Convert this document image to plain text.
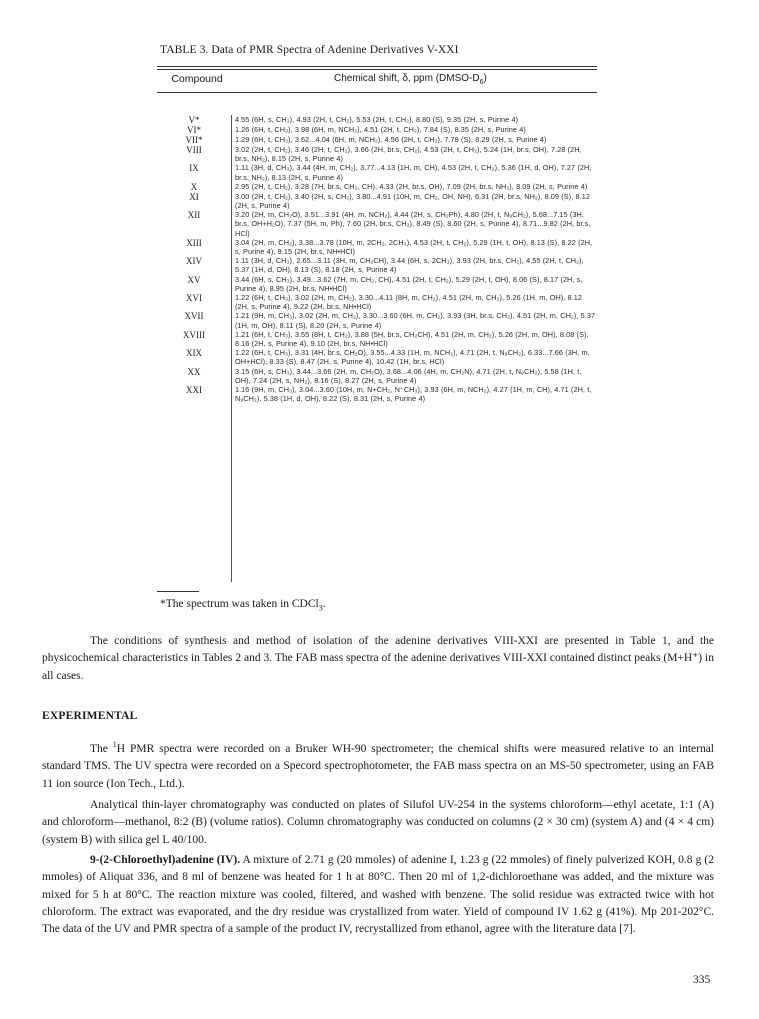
TABLE 3. Data of PMR Spectra of Adenine Derivatives V-XXI
Compound	Chemical shift, δ, ppm $(DMSO-D_6)$
V*	4.55 (6H, s, CH₃), 4.93 (2H, t, CH₂), 5.53 (2H, t, CH₂), 8.80 (S), 9.35 (2H, s, Purine 4)
VI*	1.26 (6H, t, CH₃), 3.98 (6H, m, NCH₂), 4.51 (2H, t, CH₂), 7.84 (S), 8.35 (2H, s, Purine 4)
VII*	1.29 (6H, t, CH₃), 3.62...4.04 (6H, m, NCH₂), 4.56 (2H, t, CH₂), 7.78 (S), 8.29 (2H, s, Purine 4)
VIII	3.02 (2H, t, CH₂), 3.46 (2H, t, CH₂), 3.66 (2H, br.s, CH₂), 4.53 (2H, t, CH₂), 5.24 (1H, br.s, OH), 7.28 (2H, br.s, NH₂), 8.15 (2H, s, Purine 4)
IX	1.11 (3H, d, CH₃), 3.44 (4H, m, CH₂), 3.77...4.13 (1H, m, CH), 4.53 (2H, t, CH₂), 5.36 (1H, d, OH), 7.27 (2H, br.s, NH₂), 8.13 (2H, s, Purine 4)
X	2.95 (2H, t, CH₂), 3.28 (7H, br.s, CH₂, CH), 4.33 (2H, br.s, OH), 7.09 (2H, br.s, NH₂), 8.09 (2H, s, Purine 4)
XI	3.00 (2H, t, CH₂), 3.40 (2H, s, CH₂), 3.80...4.91 (10H, m, CH₂, OH, NH), 6.31 (2H, br.s, NH₂), 8.09 (S), 8.12 (2H, s, Purine 4)
XII	3.20 (2H, m, CH₂O), 3.51...3.91 (4H, m, NCH₂), 4.44 (2H, s, CH₂Ph), 4.80 (2H, t, N₉CH₂), 5.68...7.15 (3H, br.s, OH+H₂O), 7.37 (5H, m, Ph), 7.60 (2H, br.s, CH₂), 8.49 (S), 8.60 (2H, s, Purine 4), 8.71...9.82 (2H, br.s, HCl)
XIII	3.04 (2H, m, CH₂), 3.38...3.78 (10H, m, 2CH₂, 2CH₃), 4.53 (2H, t, CH₂), 5.29 (1H, t, OH), 8.13 (S), 8.22 (2H, s, Purine 4), 9.15 (2H, br.s, NH•HCl)
XIV	1.11 (3H, d, CH₃), 2.65...3.11 (3H, m, CH₂CH), 3.44 (6H, s, 2CH₃), 3.93 (2H, br.s, CH₂), 4.55 (2H, t, CH₂), 5.37 (1H, d, OH), 8.13 (S), 8.18 (2H, s, Purine 4)
XV	3.44 (6H, s, CH₃), 3.49...3.62 (7H, m, CH₂, CH), 4.51 (2H, t, CH₂), 5.29 (2H, t, OH), 8.06 (S), 8.17 (2H, s, Purine 4), 8.95 (2H, br.s, NH•HCl)
XVI	1.22 (6H, t, CH₃), 3.02 (2H, m, CH₂), 3.30...4.11 (8H, m, CH₂), 4.51 (2H, m, CH₂), 5.26 (1H, m, OH), 8.12 (2H, s, Purine 4), 9.22 (2H, br.s, NH•HCl)
XVII	1.21 (9H, m, CH₃), 3.02 (2H, m, CH₂), 3.30...3.60 (6H, m, CH₂), 3.93 (3H, br.s, CH₃), 4.51 (2H, m, CH₂), 5.37 (1H, m, OH), 8.11 (S), 8.20 (2H, s, Purine 4)
XVIII	1.21 (6H, t, CH₃), 3.55 (8H, t, CH₂), 3.88 (5H, br.s, CH₂CH), 4.51 (2H, m, CH₂), 5.26 (2H, m, OH), 8.08 (S), 8.16 (2H, s, Purine 4), 9.10 (2H, br.s, NH•HCl)
XIX	1.22 (6H, t, CH₃), 3.31 (4H, br.s, CH₂O), 3.55...4.33 (1H, m, NCH₂), 4.71 (2H, t, N₉CH₂), 6.33...7.66 (3H, m, OH+HCl), 8.33 (S), 8.47 (2H, s, Purine 4), 10.42 (1H, br.s, HCl)
XX	3.15 (6H, s, CH₃), 3.44...3.66 (2H, m, CH₂O), 3.68...4.06 (4H, m, CH₂N), 4.71 (2H, t, N₉CH₂), 5.58 (1H, t, OH), 7.24 (2H, s, NH₂), 8.16 (S), 8.27 (2H, s, Purine 4)
XXI	1.16 (9H, m, CH₃), 3.04...3.60 (10H, m, N+CH₂, N⁺CH₃), 3.93 (6H, m, NCH₂), 4.27 (1H, m, CH), 4.71 (2H, t, N₉CH₂), 5.38 (1H, d, OH), 8.22 (S), 8.31 (2H, s, Purine 4)
*The spectrum was taken in CDCl$_3$.
The conditions of synthesis and method of isolation of the adenine derivatives VIII-XXI are presented in Table 1, and the physicochemical characteristics in Tables 2 and 3. The FAB mass spectra of the adenine derivatives VIII-XXI contained distinct peaks (M+H⁺) in all cases.
EXPERIMENTAL
The $^1$H PMR spectra were recorded on a Bruker WH-90 spectrometer; the chemical shifts were measured relative to an internal standard TMS. The UV spectra were recorded on a Specord spectrophotometer, the FAB mass spectra on an MS-50 spectrometer, using an FAB 11 ion source (Ion Tech., Ltd.).
Analytical thin-layer chromatography was conducted on plates of Silufol UV-254 in the systems chloroform—ethyl acetate, 1:1 (A) and chloroform—methanol, 8:2 (B) (volume ratios). Column chromatography was conducted on columns (2 × 30 cm) (system A) and (4 × 4 cm) (system B) with silica gel L 40/100.
9-(2-Chloroethyl)adenine (IV). A mixture of 2.71 g (20 mmoles) of adenine I, 1.23 g (22 mmoles) of finely pulverized KOH, 0.8 g (2 mmoles) of Aliquat 336, and 8 ml of benzene was heated for 1 h at 80°C. Then 20 ml of 1,2-dichloroethane was added, and the mixture was mixed for 5 h at 80°C. The reaction mixture was cooled, filtered, and washed with benzene. The solid residue was extracted twice with hot chloroform. The extract was evaporated, and the dry residue was crystallized from water. Yield of compound IV 1.62 g (41%). Mp 201-202°C. The data of the UV and PMR spectra of a sample of the product IV, recrystallized from ethanol, agree with the literature data [7].
335
